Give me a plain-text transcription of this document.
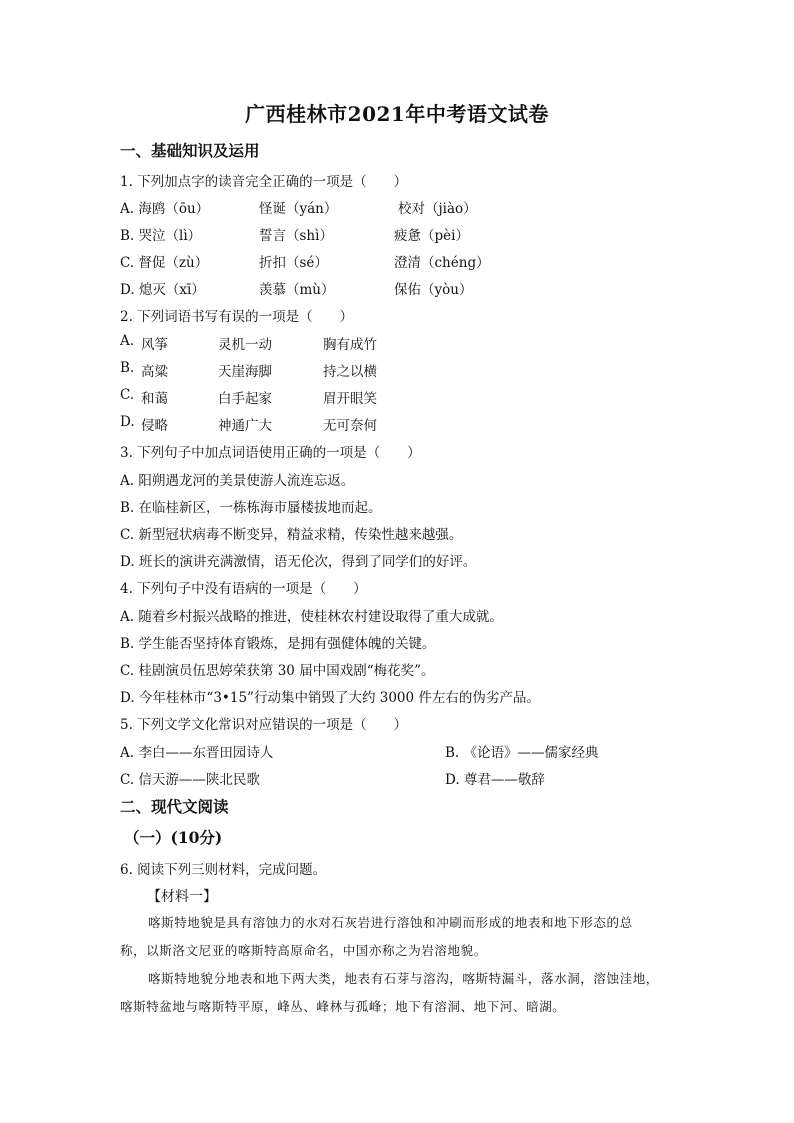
广西桂林市2021年中考语文试卷
一、基础知识及运用
1. 下列加点字的读音完全正确的一项是（　　）
A. 海鸥（ōu）	怪诞（yán）	校对（jiào）
B. 哭泣（lì）	誓言（shì）	疲惫（pèi）
C. 督促（zù）	折扣（sé）	澄清（chéng）
D. 熄灭（xī）	羡慕（mù）	保佑（yòu）
2. 下列词语书写有误的一项是（　　）
A. 风筝	灵机一动	胸有成竹
B. 高粱	天崖海脚	持之以横
C. 和蔼	白手起家	眉开眼笑
D. 侵略	神通广大	无可奈何
3. 下列句子中加点词语使用正确的一项是（　　）
A. 阳朔遇龙河的美景使游人流连忘返。
B. 在临桂新区，一栋栋海市蜃楼拔地而起。
C. 新型冠状病毒不断变异，精益求精，传染性越来越强。
D. 班长的演讲充满激情，语无伦次，得到了同学们的好评。
4. 下列句子中没有语病的一项是（　　）
A. 随着乡村振兴战略的推进，使桂林农村建设取得了重大成就。
B. 学生能否坚持体育锻炼，是拥有强健体魄的关键。
C. 桂剧演员伍思婷荣获第 30 届中国戏剧“梅花奖”。
D. 今年桂林市“3•15”行动集中销毁了大约 3000 件左右的伪劣产品。
5. 下列文学文化常识对应错误的一项是（　　）
A. 李白——东晋田园诗人	B. 《论语》——儒家经典
C. 信天游——陕北民歌	D. 尊君——敬辞
二、现代文阅读
（一）(10分)
6. 阅读下列三则材料，完成问题。
【材料一】
喀斯特地貌是具有溶蚀力的水对石灰岩进行溶蚀和冲刷而形成的地表和地下形态的总
称，以斯洛文尼亚的喀斯特高原命名，中国亦称之为岩溶地貌。
喀斯特地貌分地表和地下两大类，地表有石芽与溶沟，喀斯特漏斗，落水洞，溶蚀洼地，
喀斯特盆地与喀斯特平原，峰丛、峰林与孤峰；地下有溶洞、地下河、暗湖。
